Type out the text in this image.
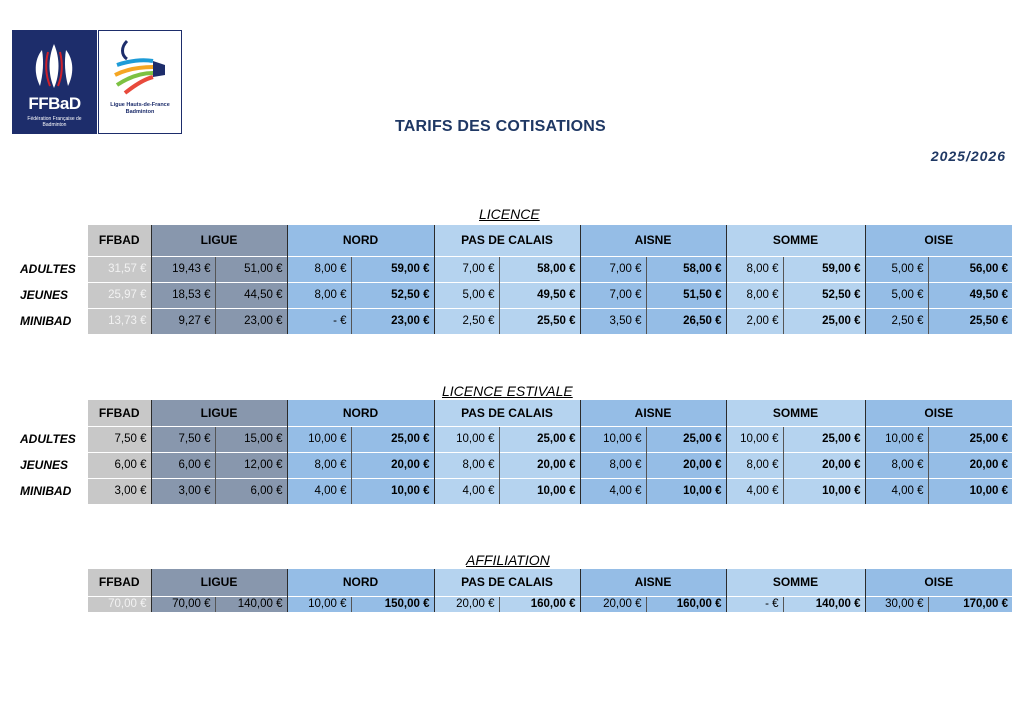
FFBaD
Fédération Française de Badminton
Ligue Hauts-de-France Badminton
TARIFS DES COTISATIONS
2025/2026
LICENCE
	FFBAD	LIGUE		NORD		PAS DE CALAIS		AISNE		SOMME		OISE	
ADULTES	31,57 €	19,43 €	51,00 €	8,00 €	59,00 €	7,00 €	58,00 €	7,00 €	58,00 €	8,00 €	59,00 €	5,00 €	56,00 €
JEUNES	25,97 €	18,53 €	44,50 €	8,00 €	52,50 €	5,00 €	49,50 €	7,00 €	51,50 €	8,00 €	52,50 €	5,00 €	49,50 €
MINIBAD	13,73 €	9,27 €	23,00 €	- €	23,00 €	2,50 €	25,50 €	3,50 €	26,50 €	2,00 €	25,00 €	2,50 €	25,50 €
LICENCE ESTIVALE
	FFBAD	LIGUE		NORD		PAS DE CALAIS		AISNE		SOMME		OISE	
ADULTES	7,50 €	7,50 €	15,00 €	10,00 €	25,00 €	10,00 €	25,00 €	10,00 €	25,00 €	10,00 €	25,00 €	10,00 €	25,00 €
JEUNES	6,00 €	6,00 €	12,00 €	8,00 €	20,00 €	8,00 €	20,00 €	8,00 €	20,00 €	8,00 €	20,00 €	8,00 €	20,00 €
MINIBAD	3,00 €	3,00 €	6,00 €	4,00 €	10,00 €	4,00 €	10,00 €	4,00 €	10,00 €	4,00 €	10,00 €	4,00 €	10,00 €
AFFILIATION
	FFBAD	LIGUE		NORD		PAS DE CALAIS		AISNE		SOMME		OISE	
	70,00 €	70,00 €	140,00 €	10,00 €	150,00 €	20,00 €	160,00 €	20,00 €	160,00 €	- €	140,00 €	30,00 €	170,00 €
